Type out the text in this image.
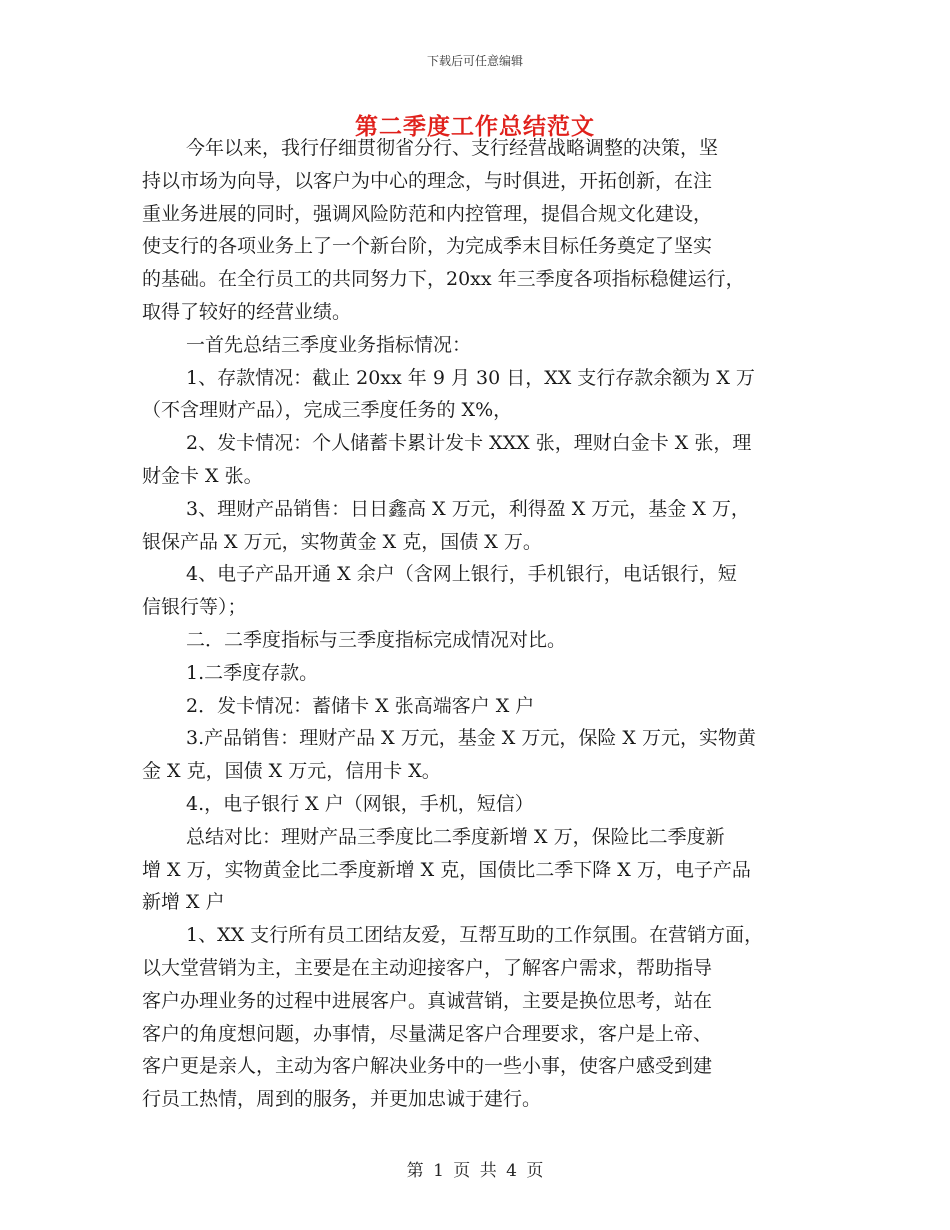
下载后可任意编辑
第二季度工作总结范文
今年以来，我行仔细贯彻省分行、支行经营战略调整的决策，坚
持以市场为向导，以客户为中心的理念，与时俱进，开拓创新，在注
重业务进展的同时，强调风险防范和内控管理，提倡合规文化建设，
使支行的各项业务上了一个新台阶，为完成季末目标任务奠定了坚实
的基础。在全行员工的共同努力下，20xx 年三季度各项指标稳健运行，
取得了较好的经营业绩。
一首先总结三季度业务指标情况：
1、存款情况：截止 20xx 年 9 月 30 日，XX 支行存款余额为 X 万
（不含理财产品），完成三季度任务的 X%，
2、发卡情况：个人储蓄卡累计发卡 XXX 张，理财白金卡 X 张，理
财金卡 X 张。
3、理财产品销售：日日鑫高 X 万元，利得盈 X 万元，基金 X 万，
银保产品 X 万元，实物黄金 X 克，国债 X 万。
4、电子产品开通 X 余户（含网上银行，手机银行，电话银行，短
信银行等）；
二．二季度指标与三季度指标完成情况对比。
1.二季度存款。
2．发卡情况：蓄储卡 X 张高端客户 X 户
3.产品销售：理财产品 X 万元，基金 X 万元，保险 X 万元，实物黄
金 X 克，国债 X 万元，信用卡 X。
4.，电子银行 X 户（网银，手机，短信）
总结对比：理财产品三季度比二季度新增 X 万，保险比二季度新
增 X 万，实物黄金比二季度新增 X 克，国债比二季下降 X 万，电子产品
新增 X 户
1、XX 支行所有员工团结友爱，互帮互助的工作氛围。在营销方面，
以大堂营销为主，主要是在主动迎接客户，了解客户需求，帮助指导
客户办理业务的过程中进展客户。真诚营销，主要是换位思考，站在
客户的角度想问题，办事情，尽量满足客户合理要求，客户是上帝、
客户更是亲人，主动为客户解决业务中的一些小事，使客户感受到建
行员工热情，周到的服务，并更加忠诚于建行。
第 1 页 共 4 页
